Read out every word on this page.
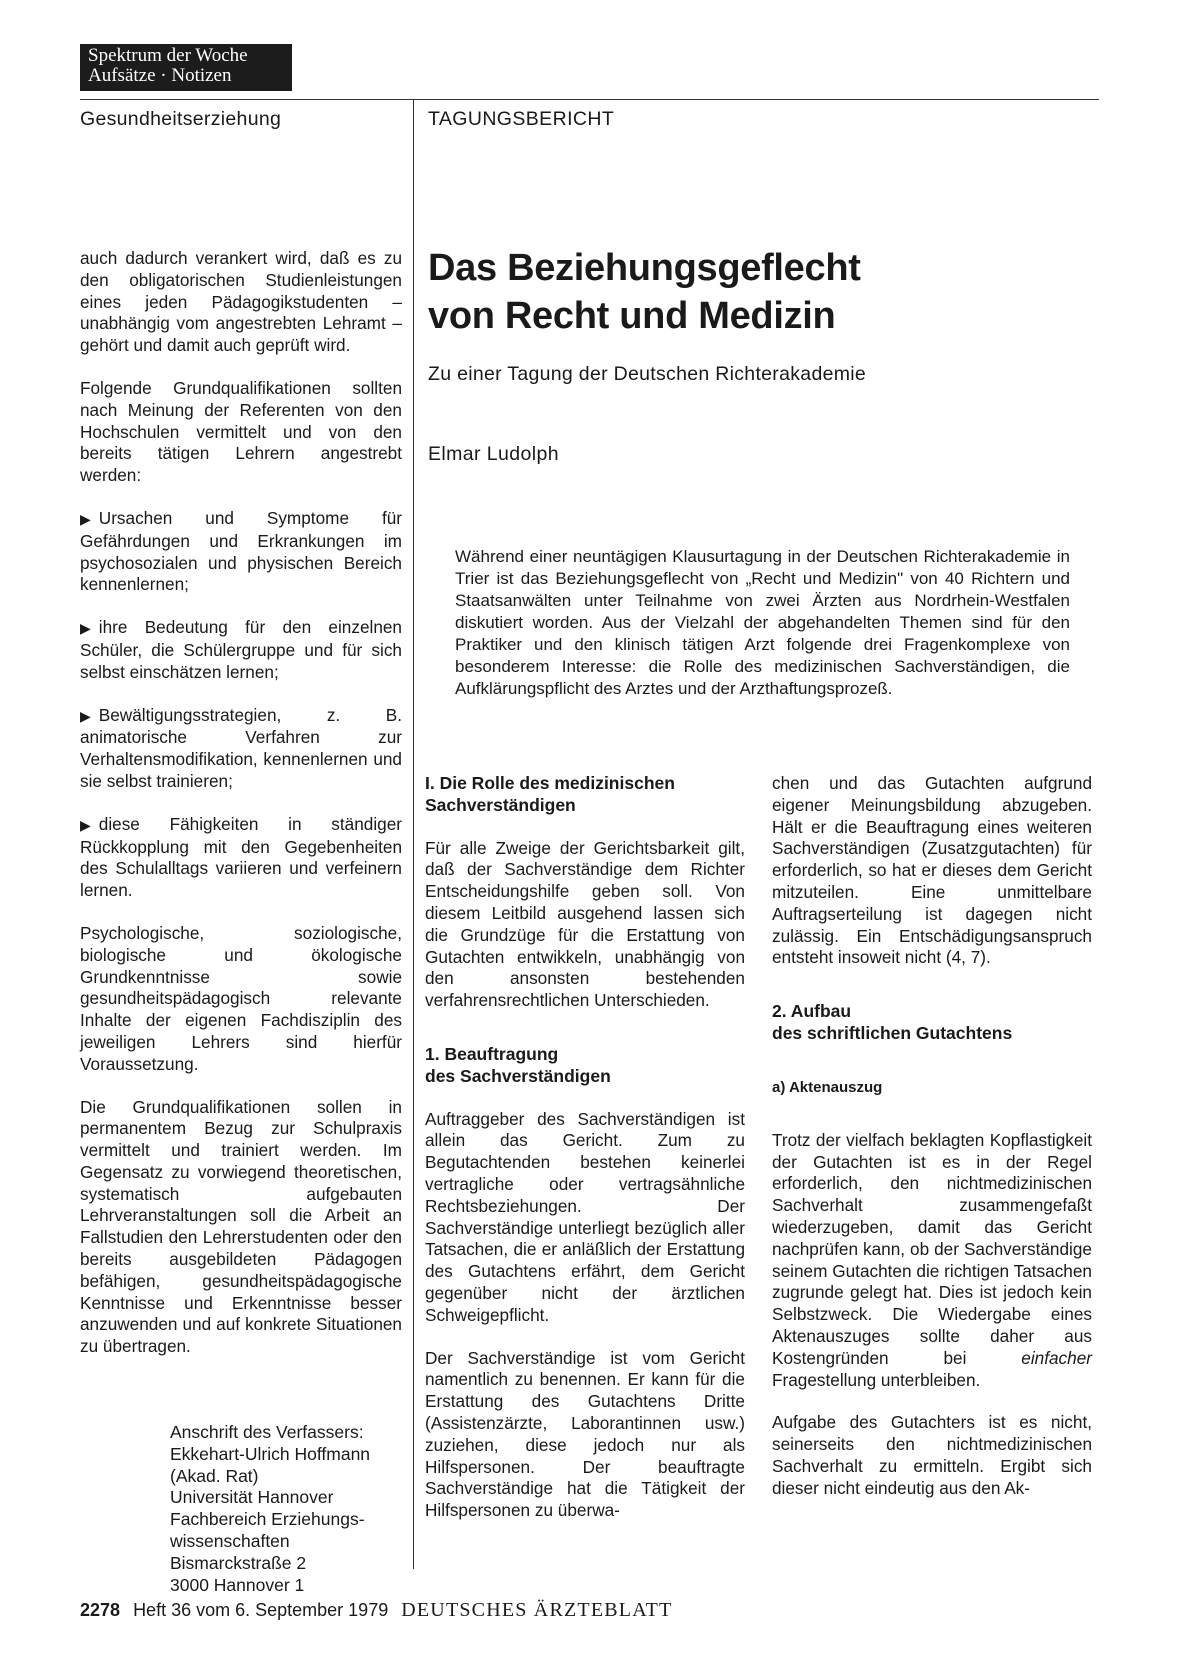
Spektrum der Woche
Aufsätze · Notizen
Gesundheitserziehung	TAGUNGSBERICHT

auch dadurch verankert wird, daß es zu den obligatorischen Studienleistungen eines jeden Pädagogikstudenten – unabhängig vom angestrebten Lehramt – gehört und damit auch geprüft wird.

Folgende Grundqualifikationen sollten nach Meinung der Referenten von den Hochschulen vermittelt und von den bereits tätigen Lehrern angestrebt werden:

▶ Ursachen und Symptome für Gefährdungen und Erkrankungen im psychosozialen und physischen Bereich kennenlernen;

▶ ihre Bedeutung für den einzelnen Schüler, die Schülergruppe und für sich selbst einschätzen lernen;

▶ Bewältigungsstrategien, z. B. animatorische Verfahren zur Verhaltensmodifikation, kennenlernen und sie selbst trainieren;

▶ diese Fähigkeiten in ständiger Rückkopplung mit den Gegebenheiten des Schulalltags variieren und verfeinern lernen.

Psychologische, soziologische, biologische und ökologische Grundkenntnisse sowie gesundheitspädagogisch relevante Inhalte der eigenen Fachdisziplin des jeweiligen Lehrers sind hierfür Voraussetzung.

Die Grundqualifikationen sollen in permanentem Bezug zur Schulpraxis vermittelt und trainiert werden. Im Gegensatz zu vorwiegend theoretischen, systematisch aufgebauten Lehrveranstaltungen soll die Arbeit an Fallstudien den Lehrerstudenten oder den bereits ausgebildeten Pädagogen befähigen, gesundheitspädagogische Kenntnisse und Erkenntnisse besser anzuwenden und auf konkrete Situationen zu übertragen.

Anschrift des Verfassers:
Ekkehart-Ulrich Hoffmann
(Akad. Rat)
Universität Hannover
Fachbereich Erziehungs-
wissenschaften
Bismarckstraße 2
3000 Hannover 1
Das Beziehungsgeflecht
von Recht und Medizin
Zu einer Tagung der Deutschen Richterakademie
Elmar Ludolph
Während einer neuntägigen Klausurtagung in der Deutschen Richterakademie in Trier ist das Beziehungsgeflecht von „Recht und Medizin" von 40 Richtern und Staatsanwälten unter Teilnahme von zwei Ärzten aus Nordrhein-Westfalen diskutiert worden. Aus der Vielzahl der abgehandelten Themen sind für den Praktiker und den klinisch tätigen Arzt folgende drei Fragenkomplexe von besonderem Interesse: die Rolle des medizinischen Sachverständigen, die Aufklärungspflicht des Arztes und der Arzthaftungsprozeß.

I. Die Rolle des medizinischen
Sachverständigen

Für alle Zweige der Gerichtsbarkeit gilt, daß der Sachverständige dem Richter Entscheidungshilfe geben soll. Von diesem Leitbild ausgehend lassen sich die Grundzüge für die Erstattung von Gutachten entwikkeln, unabhängig von den ansonsten bestehenden verfahrensrechtlichen Unterschieden.

1. Beauftragung
des Sachverständigen

Auftraggeber des Sachverständigen ist allein das Gericht. Zum zu Begutachtenden bestehen keinerlei vertragliche oder vertragsähnliche Rechtsbeziehungen. Der Sachverständige unterliegt bezüglich aller Tatsachen, die er anläßlich der Erstattung des Gutachtens erfährt, dem Gericht gegenüber nicht der ärztlichen Schweigepflicht.

Der Sachverständige ist vom Gericht namentlich zu benennen. Er kann für die Erstattung des Gutachtens Dritte (Assistenzärzte, Laborantinnen usw.) zuziehen, diese jedoch nur als Hilfspersonen. Der beauftragte Sachverständige hat die Tätigkeit der Hilfspersonen zu überwa-

chen und das Gutachten aufgrund eigener Meinungsbildung abzugeben. Hält er die Beauftragung eines weiteren Sachverständigen (Zusatzgutachten) für erforderlich, so hat er dieses dem Gericht mitzuteilen. Eine unmittelbare Auftragserteilung ist dagegen nicht zulässig. Ein Entschädigungsanspruch entsteht insoweit nicht (4, 7).

2. Aufbau
des schriftlichen Gutachtens

a) Aktenauszug

Trotz der vielfach beklagten Kopflastigkeit der Gutachten ist es in der Regel erforderlich, den nichtmedizinischen Sachverhalt zusammengefaßt wiederzugeben, damit das Gericht nachprüfen kann, ob der Sachverständige seinem Gutachten die richtigen Tatsachen zugrunde gelegt hat. Dies ist jedoch kein Selbstzweck. Die Wiedergabe eines Aktenauszuges sollte daher aus Kostengründen bei einfacher Fragestellung unterbleiben.

Aufgabe des Gutachters ist es nicht, seinerseits den nichtmedizinischen Sachverhalt zu ermitteln. Ergibt sich dieser nicht eindeutig aus den Ak-

2278 Heft 36 vom 6. September 1979 DEUTSCHES ÄRZTEBLATT
